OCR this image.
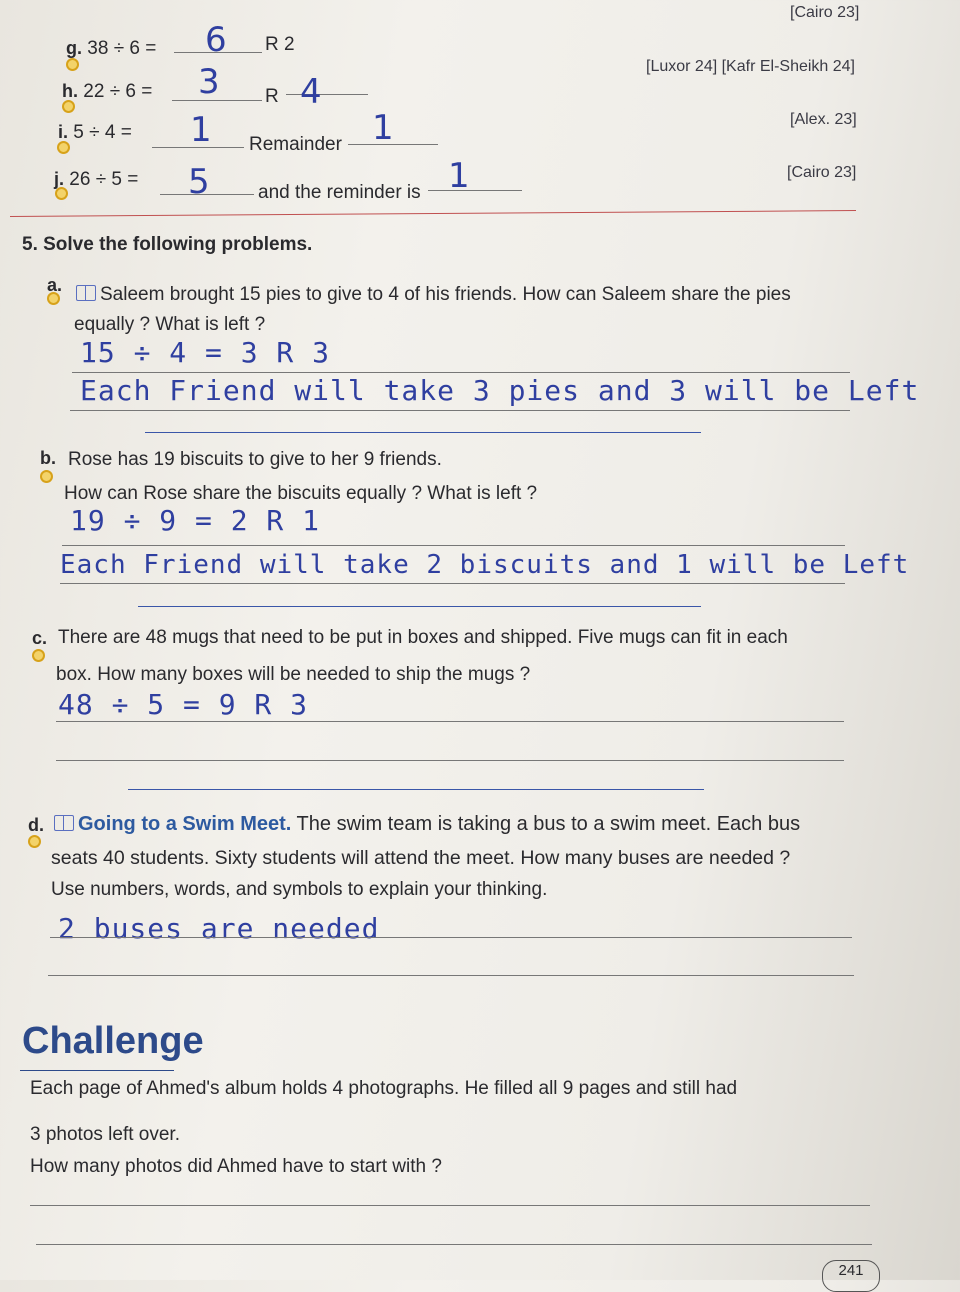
[Cairo 23]
[Luxor 24] [Kafr El-Sheikh 24]
[Alex. 23]
[Cairo 23]
g. 38 ÷ 6 = 6 R 2
h. 22 ÷ 6 = 3 R 4
i. 5 ÷ 4 = 1 Remainder 1
j. 26 ÷ 5 = 5	and the reminder is 1
5. Solve the following problems.
a.	Saleem brought 15 pies to give to 4 of his friends. How can Saleem share the pies
equally ? What is left ?
15 ÷ 4 = 3 R 3
Each Friend will take 3 pies and 3 will be Left
b. Rose has 19 biscuits to give to her 9 friends.
How can Rose share the biscuits equally ? What is left ?
19 ÷ 9 = 2 R 1
Each Friend will take 2 biscuits and 1 will be Left
c. There are 48 mugs that need to be put in boxes and shipped. Five mugs can fit in each
box. How many boxes will be needed to ship the mugs ?
48 ÷ 5 = 9 R 3
d.	Going to a Swim Meet. The swim team is taking a bus to a swim meet. Each bus
seats 40 students. Sixty students will attend the meet. How many buses are needed ?
Use numbers, words, and symbols to explain your thinking.
2 buses are needed
Challenge
Each page of Ahmed's album holds 4 photographs. He filled all 9 pages and still had
3 photos left over.
How many photos did Ahmed have to start with ?
241
